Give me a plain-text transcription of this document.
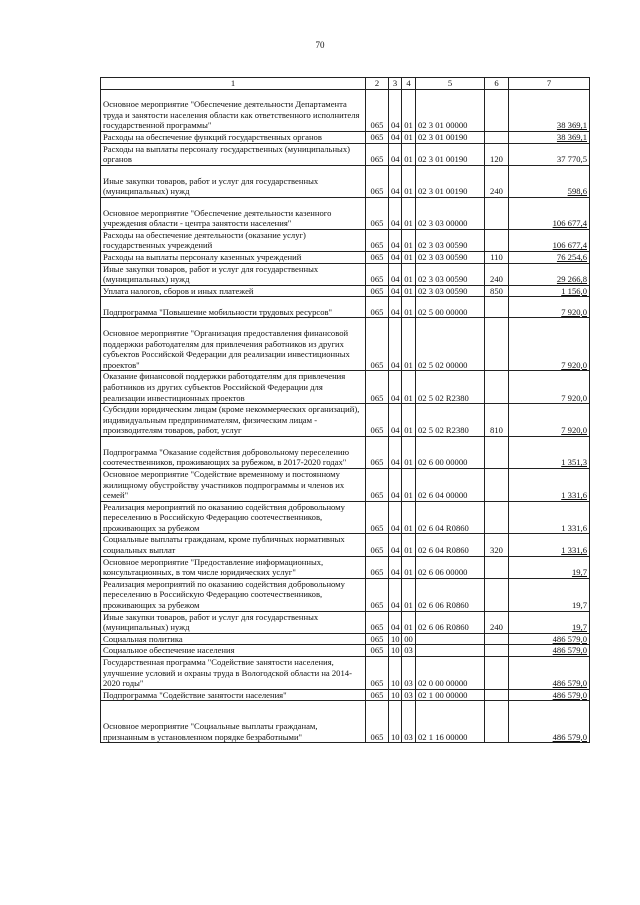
70
1	2	3	4	5	6	7
Основное мероприятие "Обеспечение деятельности Департамента труда и занятости населения области как ответственного исполнителя государственной программы"	065	04	01	02 3 01 00000		38 369,1
Расходы на обеспечение функций государственных органов	065	04	01	02 3 01 00190		38 369,1
Расходы на выплаты персоналу государственных (муниципальных) органов	065	04	01	02 3 01 00190	120	37 770,5
Иные закупки товаров, работ и услуг для государственных (муниципальных) нужд	065	04	01	02 3 01 00190	240	598,6
Основное мероприятие "Обеспечение деятельности казенного учреждения области - центра занятости населения"	065	04	01	02 3 03 00000		106 677,4
Расходы на обеспечение деятельности (оказание услуг) государственных учреждений	065	04	01	02 3 03 00590		106 677,4
Расходы на выплаты персоналу казенных учреждений	065	04	01	02 3 03 00590	110	76 254,6
Иные закупки товаров, работ и услуг для государственных (муниципальных) нужд	065	04	01	02 3 03 00590	240	29 266,8
Уплата налогов, сборов и иных платежей	065	04	01	02 3 03 00590	850	1 156,0
Подпрограмма "Повышение мобильности трудовых ресурсов"	065	04	01	02 5 00 00000		7 920,0
Основное мероприятие "Организация предоставления финансовой поддержки работодателям для привлечения работников из других субъектов Российской Федерации для реализации инвестиционных проектов"	065	04	01	02 5 02 00000		7 920,0
Оказание финансовой поддержки работодателям для привлечения работников из других субъектов Российской Федерации для реализации инвестиционных проектов	065	04	01	02 5 02 R2380		7 920,0
Субсидии юридическим лицам (кроме некоммерческих организаций), индивидуальным предпринимателям, физическим лицам - производителям товаров, работ, услуг	065	04	01	02 5 02 R2380	810	7 920,0
Подпрограмма "Оказание содействия добровольному переселению соотечественников, проживающих за рубежом, в 2017-2020 годах"	065	04	01	02 6 00 00000		1 351,3
Основное мероприятие "Содействие временному и постоянному жилищному обустройству участников подпрограммы и членов их семей"	065	04	01	02 6 04 00000		1 331,6
Реализация мероприятий по оказанию содействия добровольному переселению в Российскую Федерацию соотечественников, проживающих за рубежом	065	04	01	02 6 04 R0860		1 331,6
Социальные выплаты гражданам, кроме публичных нормативных социальных выплат	065	04	01	02 6 04 R0860	320	1 331,6
Основное мероприятие "Предоставление информационных, консультационных, в том числе юридических услуг"	065	04	01	02 6 06 00000		19,7
Реализация мероприятий по оказанию содействия добровольному переселению в Российскую Федерацию соотечественников, проживающих за рубежом	065	04	01	02 6 06 R0860		19,7
Иные закупки товаров, работ и услуг для государственных (муниципальных) нужд	065	04	01	02 6 06 R0860	240	19,7
Социальная политика	065	10	00			486 579,0
Социальное обеспечение населения	065	10	03			486 579,0
Государственная программа "Содействие занятости населения, улучшение условий и охраны труда в Вологодской области на 2014-2020 годы"	065	10	03	02 0 00 00000		486 579,0
Подпрограмма "Содействие занятости населения"	065	10	03	02 1 00 00000		486 579,0
Основное мероприятие "Социальные выплаты гражданам, признанным в установленном порядке безработными"	065	10	03	02 1 16 00000		486 579,0
